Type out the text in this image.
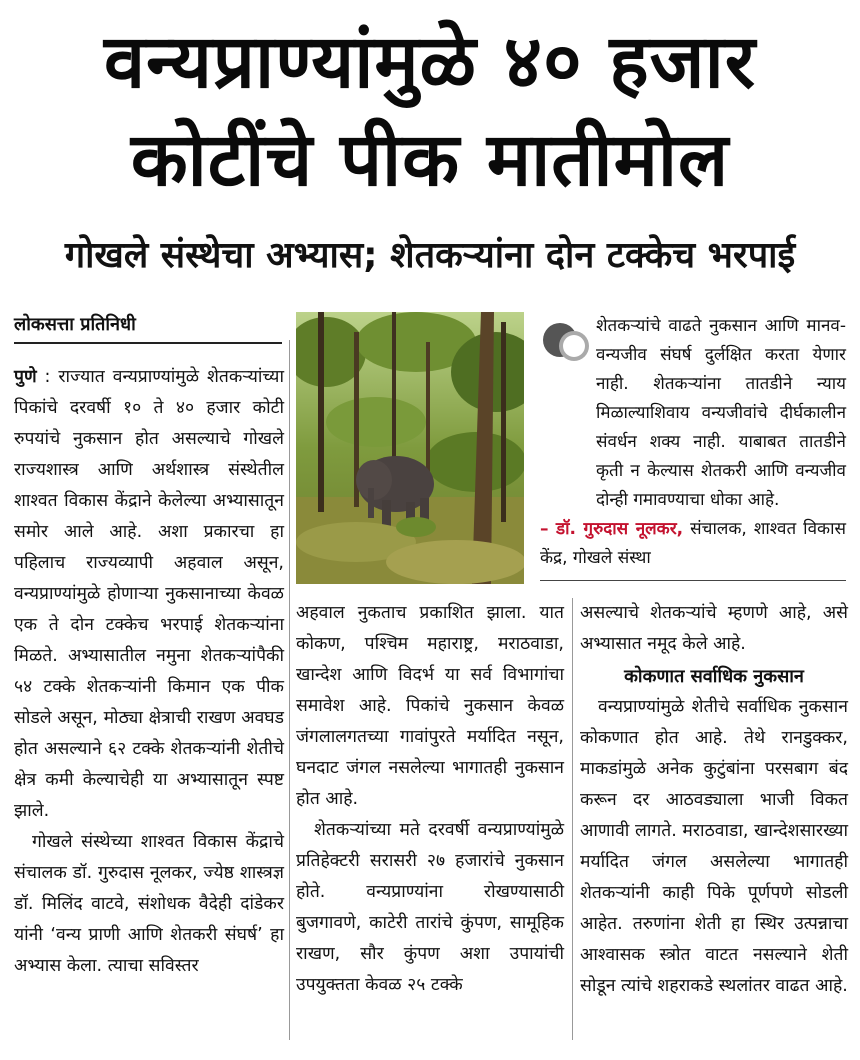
वन्यप्राण्यांमुळे ४० हजार
कोटींचे पीक मातीमोल
गोखले संस्थेचा अभ्यास; शेतकऱ्यांना दोन टक्केच भरपाई
लोकसत्ता प्रतिनिधी

पुणे : राज्यात वन्यप्राण्यांमुळे शेतकऱ्यांच्या पिकांचे दरवर्षी १० ते ४० हजार कोटी रुपयांचे नुकसान होत असल्याचे गोखले राज्यशास्त्र आणि अर्थशास्त्र संस्थेतील शाश्वत विकास केंद्राने केलेल्या अभ्यासातून समोर आले आहे. अशा प्रकारचा हा पहिलाच राज्यव्यापी अहवाल असून, वन्यप्राण्यांमुळे होणाऱ्या नुकसानाच्या केवळ एक ते दोन टक्केच भरपाई शेतकऱ्यांना मिळते. अभ्यासातील नमुना शेतकऱ्यांपैकी ५४ टक्के शेतकऱ्यांनी किमान एक पीक सोडले असून, मोठ्या क्षेत्राची राखण अवघड होत असल्याने ६२ टक्के शेतकऱ्यांनी शेतीचे क्षेत्र कमी केल्याचेही या अभ्यासातून स्पष्ट झाले.

गोखले संस्थेच्या शाश्वत विकास केंद्राचे संचालक डॉ. गुरुदास नूलकर, ज्येष्ठ शास्त्रज्ञ डॉ. मिलिंद वाटवे, संशोधक वैदेही दांडेकर यांनी ‘वन्य प्राणी आणि शेतकरी संघर्ष’ हा अभ्यास केला. त्याचा सविस्तर

शेतकऱ्यांचे वाढते नुकसान आणि मानव-वन्यजीव संघर्ष दुर्लक्षित करता येणार नाही. शेतकऱ्यांना तातडीने न्याय मिळाल्याशिवाय वन्यजीवांचे दीर्घकालीन संवर्धन शक्य नाही. याबाबत तातडीने कृती न केल्यास शेतकरी आणि वन्यजीव दोन्ही गमावण्याचा धोका आहे.
– डॉ. गुरुदास नूलकर, संचालक, शाश्वत विकास केंद्र, गोखले संस्था

अहवाल नुकताच प्रकाशित झाला. यात कोकण, पश्चिम महाराष्ट्र, मराठवाडा, खान्देश आणि विदर्भ या सर्व विभागांचा समावेश आहे. पिकांचे नुकसान केवळ जंगलालगतच्या गावांपुरते मर्यादित नसून, घनदाट जंगल नसलेल्या भागातही नुकसान होत आहे.

शेतकऱ्यांच्या मते दरवर्षी वन्यप्राण्यांमुळे प्रतिहेक्टरी सरासरी २७ हजारांचे नुकसान होते. वन्यप्राण्यांना रोखण्यासाठी बुजगावणे, काटेरी तारांचे कुंपण, सामूहिक राखण, सौर कुंपण अशा उपायांची उपयुक्तता केवळ २५ टक्के

असल्याचे शेतकऱ्यांचे म्हणणे आहे, असे अभ्यासात नमूद केले आहे.

कोकणात सर्वाधिक नुकसान

वन्यप्राण्यांमुळे शेतीचे सर्वाधिक नुकसान कोकणात होत आहे. तेथे रानडुक्कर, माकडांमुळे अनेक कुटुंबांना परसबाग बंद करून दर आठवड्याला भाजी विकत आणावी लागते. मराठवाडा, खान्देशसारख्या मर्यादित जंगल असलेल्या भागातही शेतकऱ्यांनी काही पिके पूर्णपणे सोडली आहेत. तरुणांना शेती हा स्थिर उत्पन्नाचा आश्वासक स्त्रोत वाटत नसल्याने शेती सोडून त्यांचे शहराकडे स्थलांतर वाढत आहे.
